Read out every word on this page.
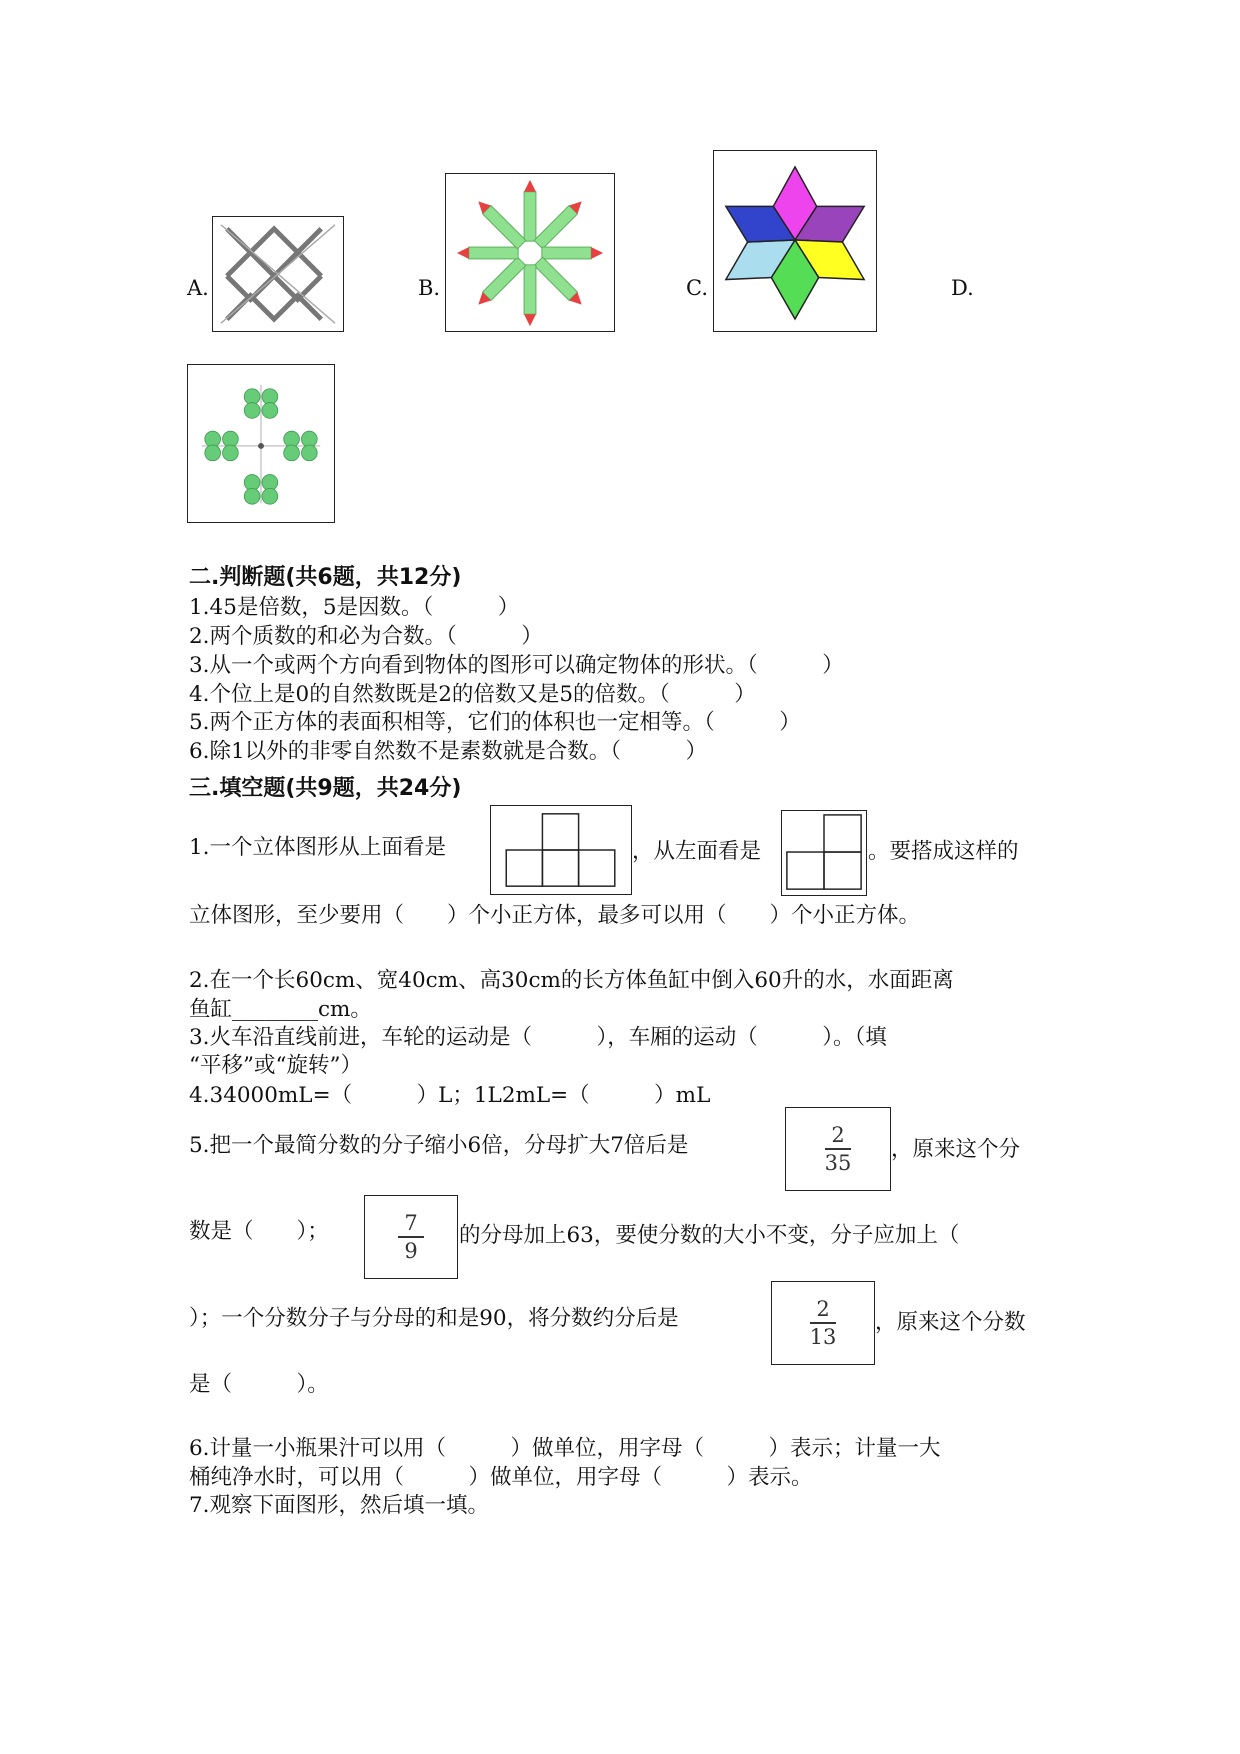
A.	B.	C.	D.
二.判断题(共6题，共12分)
1.45是倍数，5是因数。（　　　）
2.两个质数的和必为合数。（　　　）
3.从一个或两个方向看到物体的图形可以确定物体的形状。（　　　）
4.个位上是0的自然数既是2的倍数又是5的倍数。（　　　）
5.两个正方体的表面积相等，它们的体积也一定相等。（　　　）
6.除1以外的非零自然数不是素数就是合数。（　　　）
三.填空题(共9题，共24分)
1.一个立体图形从上面看是	，从左面看是	。要搭成这样的
立体图形，至少要用（　　）个小正方体，最多可以用（　　）个小正方体。
2.在一个长60cm、宽40cm、高30cm的长方体鱼缸中倒入60升的水，水面距离
鱼缸________cm。
3.火车沿直线前进，车轮的运动是（　　　），车厢的运动（　　　）。（填
“平移”或“旋转”）
4.34000mL=（　　　）L；1L2mL=（　　　）mL
5.把一个最简分数的分子缩小6倍，分母扩大7倍后是	2
35
，原来这个分
数是（　　）；	7
9
的分母加上63，要使分数的大小不变，分子应加上（
）；一个分数分子与分母的和是90，将分数约分后是	2
13
，原来这个分数
是（　　　）。
6.计量一小瓶果汁可以用（　　　）做单位，用字母（　　　）表示；计量一大
桶纯净水时，可以用（　　　）做单位，用字母（　　　）表示。
7.观察下面图形，然后填一填。
